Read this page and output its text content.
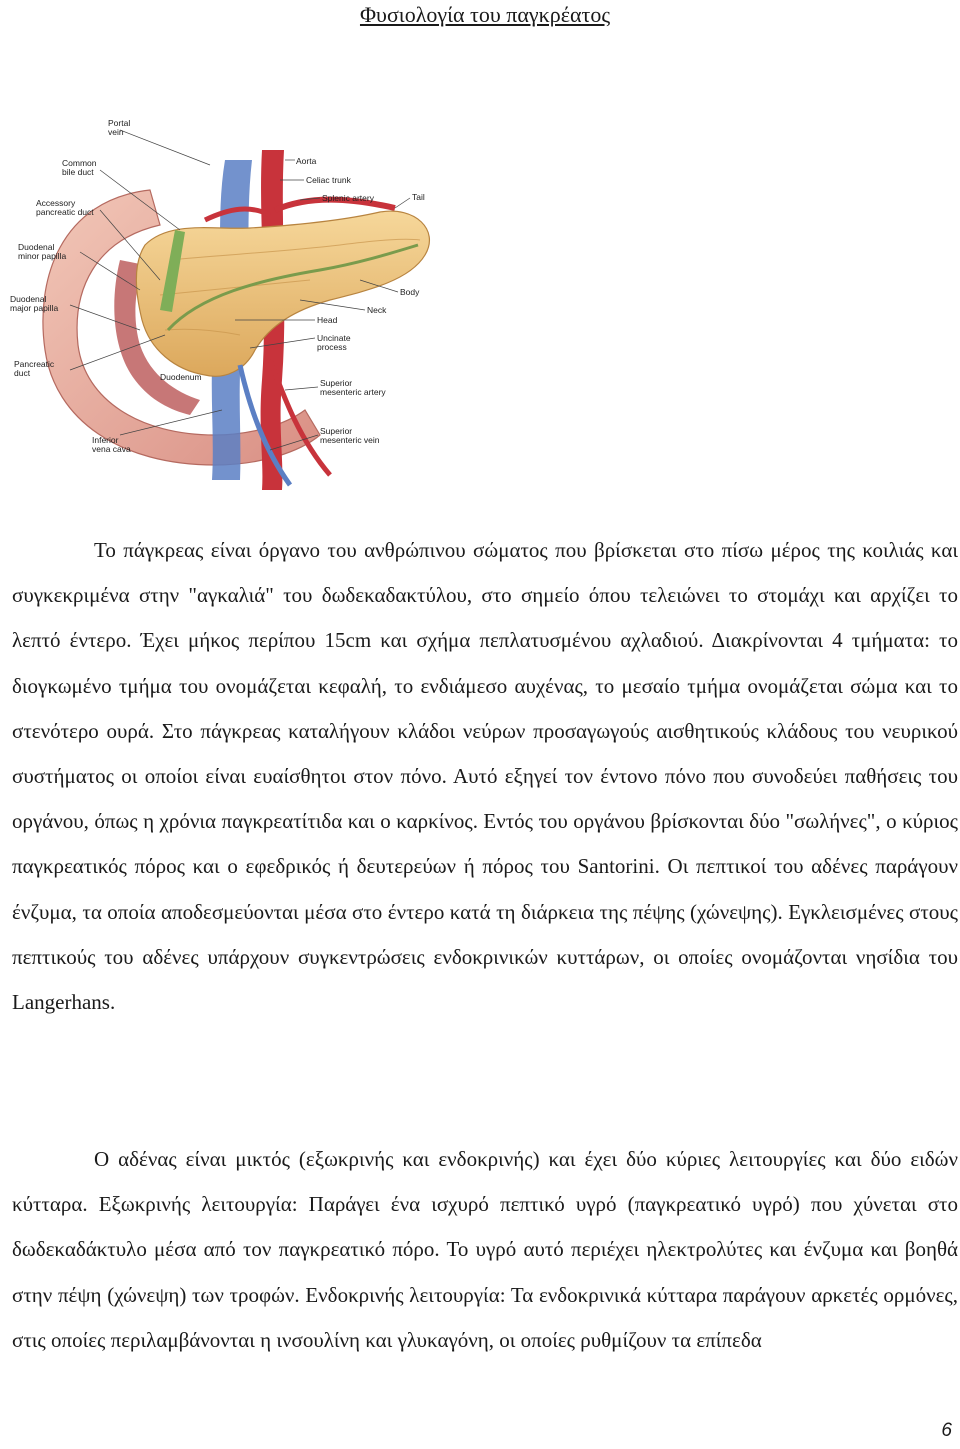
Φυσιολογία του παγκρέατος
Portal vein
Common bile duct
Accessory pancreatic duct
Duodenal minor papilla
Duodenal major papilla
Pancreatic duct
Inferior vena cava
Aorta
Celiac trunk
Splenic artery	Tail
Body
Neck
Head
Uncinate process
Superior mesenteric artery
Superior mesenteric vein
Duodenum

Το πάγκρεας είναι όργανο του ανθρώπινου σώματος που βρίσκεται στο πίσω μέρος της κοιλιάς και συγκεκριμένα στην "αγκαλιά" του δωδεκαδακτύλου, στο σημείο όπου τελειώνει το στομάχι και αρχίζει το λεπτό έντερο. Έχει μήκος περίπου 15cm και σχήμα πεπλατυσμένου αχλαδιού. Διακρίνονται 4 τμήματα: το διογκωμένο τμήμα του ονομάζεται κεφαλή, το ενδιάμεσο αυχένας, το μεσαίο τμήμα ονομάζεται σώμα και το στενότερο ουρά. Στο πάγκρεας καταλήγουν κλάδοι νεύρων προσαγωγούς αισθητικούς κλάδους του νευρικού συστήματος οι οποίοι είναι ευαίσθητοι στον πόνο. Αυτό εξηγεί τον έντονο πόνο που συνοδεύει παθήσεις του οργάνου, όπως η χρόνια παγκρεατίτιδα και ο καρκίνος. Εντός του οργάνου βρίσκονται δύο "σωλήνες", ο κύριος παγκρεατικός πόρος και ο εφεδρικός ή δευτερεύων ή πόρος του Santorini. Οι πεπτικοί του αδένες παράγουν ένζυμα, τα οποία αποδεσμεύονται μέσα στο έντερο κατά τη διάρκεια της πέψης (χώνεψης). Εγκλεισμένες στους πεπτικούς του αδένες υπάρχουν συγκεντρώσεις ενδοκρινικών κυττάρων, οι οποίες ονομάζονται νησίδια του Langerhans.

Ο αδένας είναι μικτός (εξωκρινής και ενδοκρινής) και έχει δύο κύριες λειτουργίες και δύο ειδών κύτταρα. Εξωκρινής λειτουργία: Παράγει ένα ισχυρό πεπτικό υγρό (παγκρεατικό υγρό) που χύνεται στο δωδεκαδάκτυλο μέσα από τον παγκρεατικό πόρο. Το υγρό αυτό περιέχει ηλεκτρολύτες και ένζυμα και βοηθά στην πέψη (χώνεψη) των τροφών. Ενδοκρινής λειτουργία: Τα ενδοκρινικά κύτταρα παράγουν αρκετές ορμόνες, στις οποίες περιλαμβάνονται η ινσουλίνη και γλυκαγόνη, οι οποίες ρυθμίζουν τα επίπεδα

6
